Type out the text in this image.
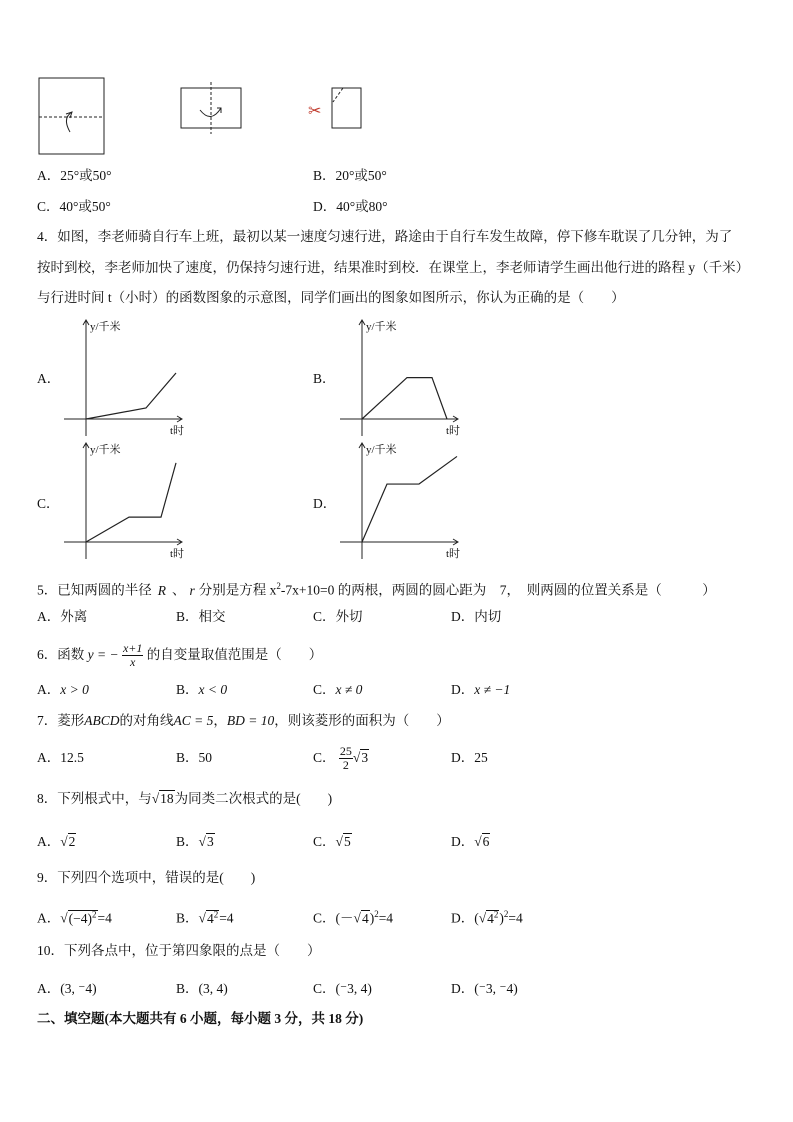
✂
A．25°或50°	B．20°或50°
C．40°或50°	D．40°或80°
4．如图，李老师骑自行车上班，最初以某一速度匀速行进，路途由于自行车发生故障，停下修车耽误了几分钟，为了
按时到校，李老师加快了速度，仍保持匀速行进，结果准时到校．在课堂上，李老师请学生画出他行进的路程 y（千米）
与行进时间 t（小时）的函数图象的示意图，同学们画出的图象如图所示，你认为正确的是（　　）
A．	B．
C．	D．
y/千米
t时
y/千米
t时
y/千米
t时
y/千米
t时
5．已知两圆的半径 R 、 r 分别是方程 $x^2-7x+10=0$ 的两根，两圆的圆心距为　7，　则两圆的位置关系是（　　　）
A．外离	B．相交	C．外切	D．内切
6．函数 y = − $\frac{x+1}{x}$ 的自变量取值范围是（　　）
A．x > 0	B．x < 0	C．x ≠ 0	D．x ≠ −1
7．菱形ABCD的对角线AC = 5，BD = 10，则该菱形的面积为（　　）
A．12.5	B．50	C． $\frac{25}{2} √3$	D．25
8．下列根式中，与√18为同类二次根式的是(　　)
A．√2	B．√3	C．√5	D．√6
9．下列四个选项中，错误的是(　　)
A．$√(-4)^2=4$	B．$√4^2=4$	C．$(-√4)^2=4$	D．$(√4^2)^2=4$
10．下列各点中，位于第四象限的点是（　　）
A．(3, ⁻4)	B．(3, 4)	C．(⁻3, 4)	D．(⁻3, ⁻4)
二、填空题(本大题共有 6 小题，每小题 3 分，共 18 分)
